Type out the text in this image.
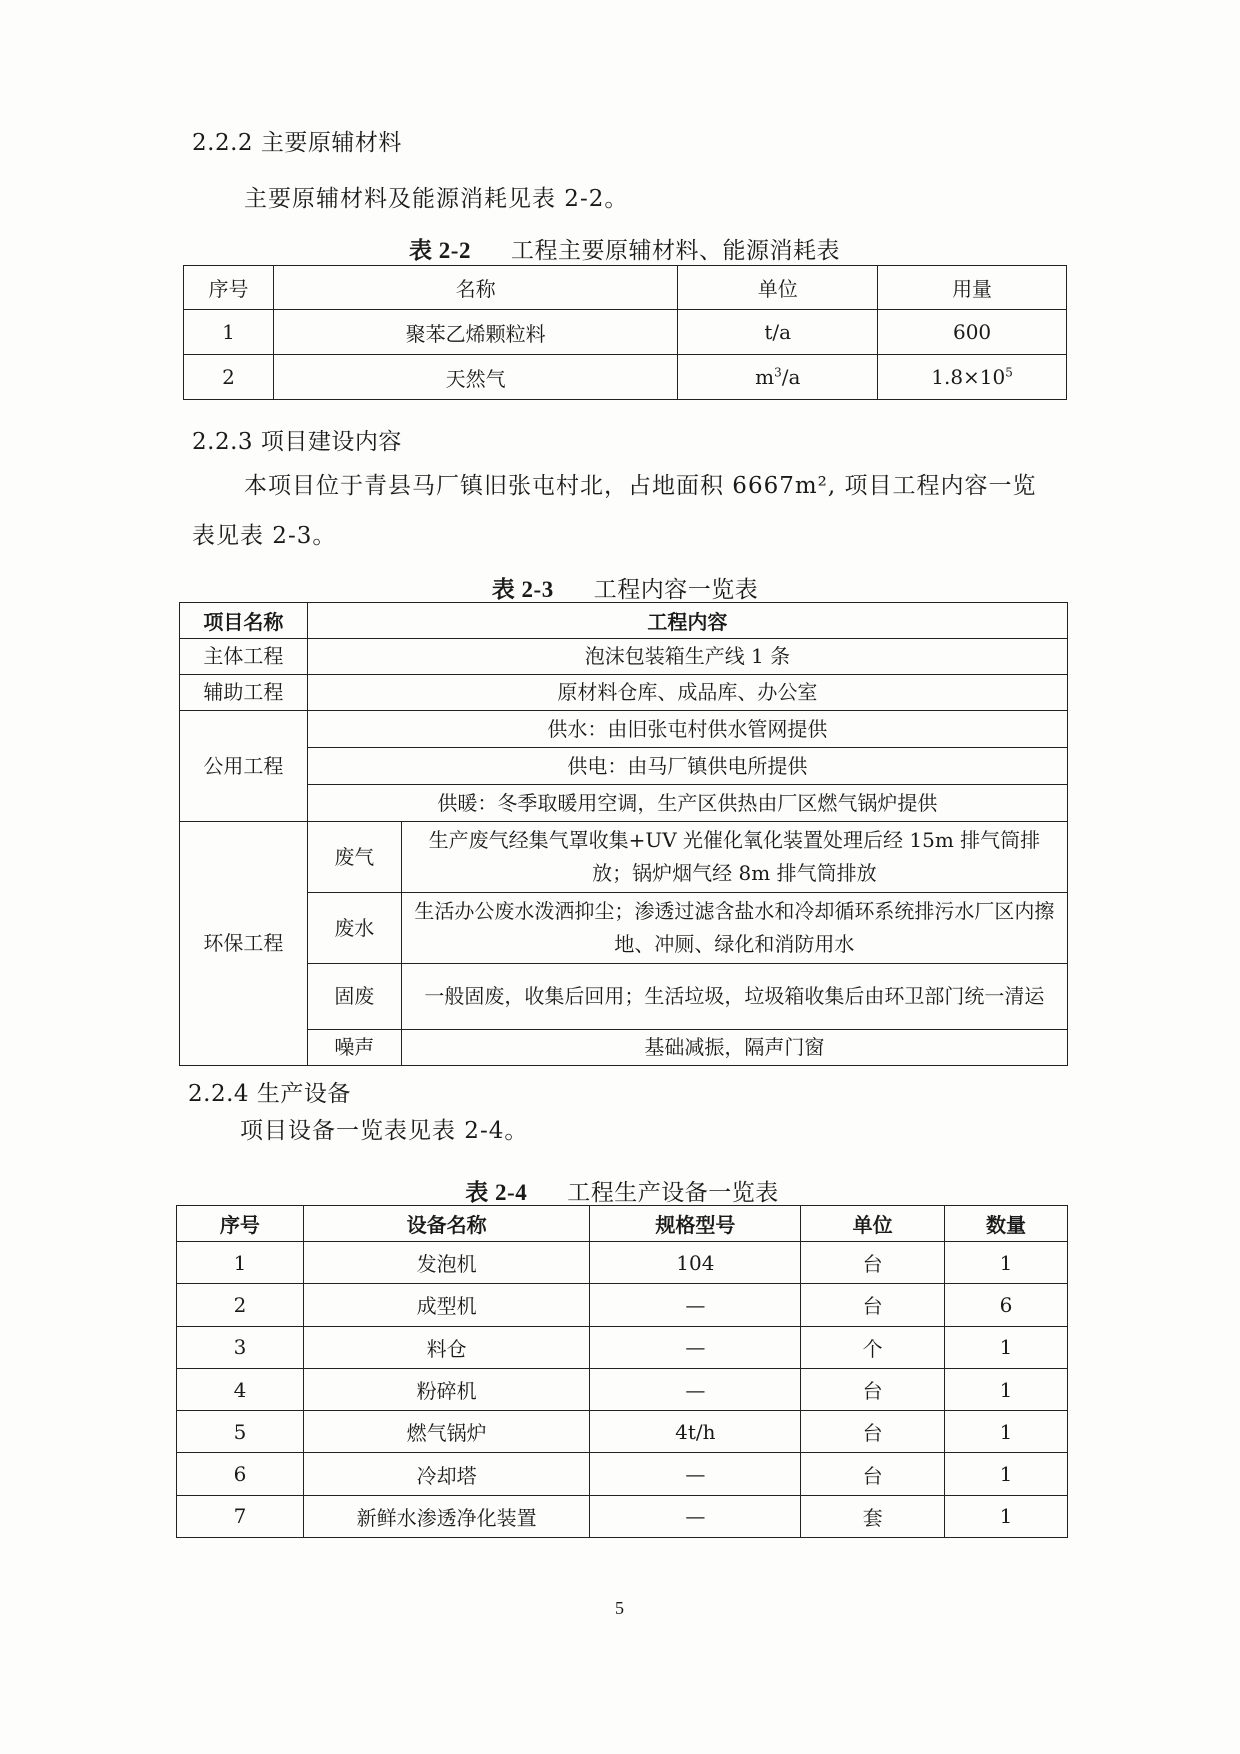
2.2.2 主要原辅材料
主要原辅材料及能源消耗见表 2-2。
表 2-2 工程主要原辅材料、能源消耗表
序号	名称	单位	用量
1	聚苯乙烯颗粒料	t/a	600
2	天然气	$m^3/a$	$1.8\times 10^5$
2.2.3 项目建设内容
本项目位于青县马厂镇旧张屯村北，占地面积 6667m², 项目工程内容一览
表见表 2-3。
表 2-3 工程内容一览表
项目名称	工程内容	
主体工程	泡沫包装箱生产线 1 条	
辅助工程	原材料仓库、成品库、办公室	
公用工程	供水：由旧张屯村供水管网提供	
	供电：由马厂镇供电所提供	
	供暖：冬季取暖用空调，生产区供热由厂区燃气锅炉提供	
环保工程	废气	生产废气经集气罩收集+UV 光催化氧化装置处理后经 15m 排气筒排放；锅炉烟气经 8m 排气筒排放
	废水	生活办公废水泼洒抑尘；渗透过滤含盐水和冷却循环系统排污水厂区内擦地、冲厕、绿化和消防用水
	固废	一般固废，收集后回用；生活垃圾，垃圾箱收集后由环卫部门统一清运
	噪声	基础减振，隔声门窗
2.2.4 生产设备
项目设备一览表见表 2-4。
表 2-4 工程生产设备一览表
序号	设备名称	规格型号	单位	数量
1	发泡机	104	台	1
2	成型机	—	台	6
3	料仓	—	个	1
4	粉碎机	—	台	1
5	燃气锅炉	4t/h	台	1
6	冷却塔	—	台	1
7	新鲜水渗透净化装置	—	套	1
5
